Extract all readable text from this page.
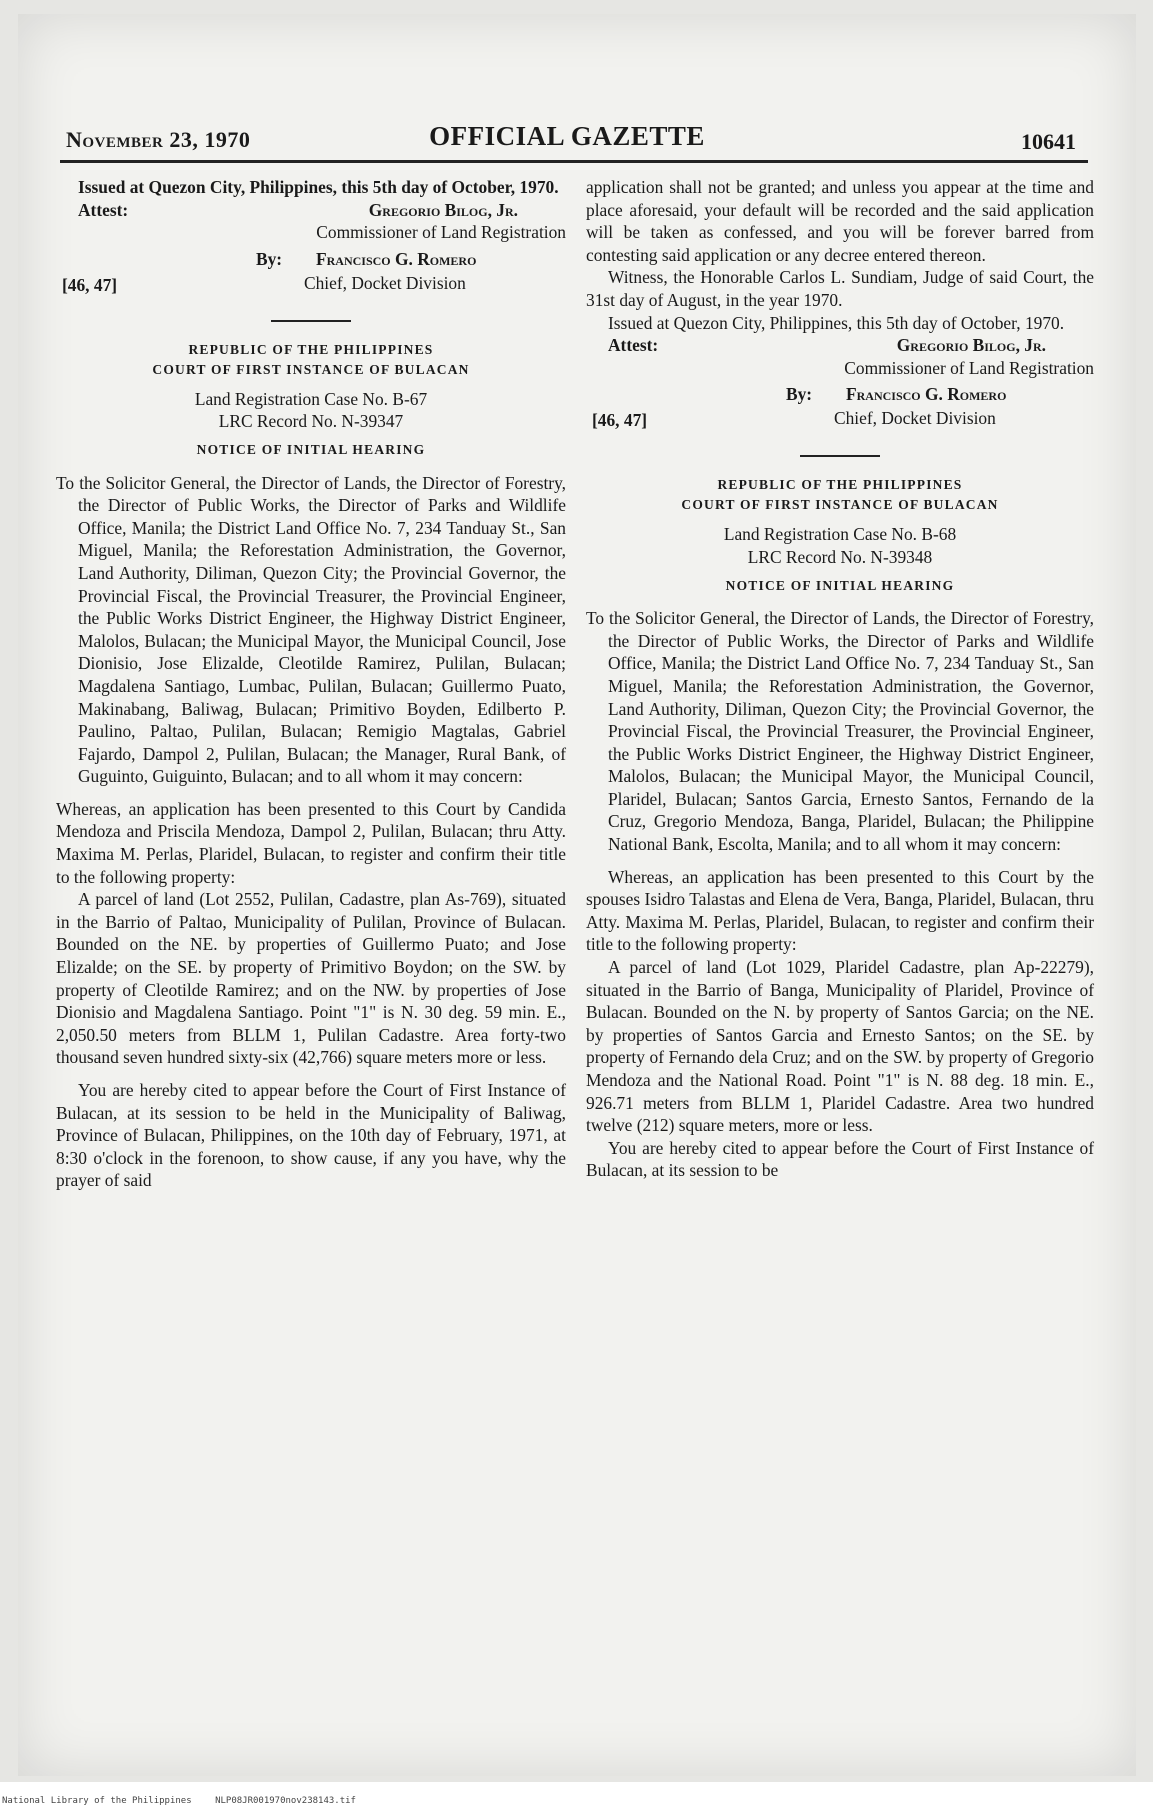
November 23, 1970	OFFICIAL GAZETTE	10641

Issued at Quezon City, Philippines, this 5th day of October, 1970.

Attest:	Gregorio Bilog, Jr.
Commissioner of Land Registration
By: Francisco G. Romero
[46, 47]	Chief, Docket Division
REPUBLIC OF THE PHILIPPINES
COURT OF FIRST INSTANCE OF BULACAN
Land Registration Case No. B-67
LRC Record No. N-39347
NOTICE OF INITIAL HEARING

To the Solicitor General, the Director of Lands, the Director of Forestry, the Director of Public Works, the Director of Parks and Wildlife Office, Manila; the District Land Office No. 7, 234 Tanduay St., San Miguel, Manila; the Reforestation Administration, the Governor, Land Authority, Diliman, Quezon City; the Provincial Governor, the Provincial Fiscal, the Provincial Treasurer, the Provincial Engineer, the Public Works District Engineer, the Highway District Engineer, Malolos, Bulacan; the Municipal Mayor, the Municipal Council, Jose Dionisio, Jose Elizalde, Cleotilde Ramirez, Pulilan, Bulacan; Magdalena Santiago, Lumbac, Pulilan, Bulacan; Guillermo Puato, Makinabang, Baliwag, Bulacan; Primitivo Boyden, Edilberto P. Paulino, Paltao, Pulilan, Bulacan; Remigio Magtalas, Gabriel Fajardo, Dampol 2, Pulilan, Bulacan; the Manager, Rural Bank, of Guguinto, Guiguinto, Bulacan; and to all whom it may concern:

Whereas, an application has been presented to this Court by Candida Mendoza and Priscila Mendoza, Dampol 2, Pulilan, Bulacan; thru Atty. Maxima M. Perlas, Plaridel, Bulacan, to register and confirm their title to the following property:

A parcel of land (Lot 2552, Pulilan, Cadastre, plan As-769), situated in the Barrio of Paltao, Municipality of Pulilan, Province of Bulacan. Bounded on the NE. by properties of Guillermo Puato; and Jose Elizalde; on the SE. by property of Primitivo Boydon; on the SW. by property of Cleotilde Ramirez; and on the NW. by properties of Jose Dionisio and Magdalena Santiago. Point "1" is N. 30 deg. 59 min. E., 2,050.50 meters from BLLM 1, Pulilan Cadastre. Area forty-two thousand seven hundred sixty-six (42,766) square meters more or less.

You are hereby cited to appear before the Court of First Instance of Bulacan, at its session to be held in the Municipality of Baliwag, Province of Bulacan, Philippines, on the 10th day of February, 1971, at 8:30 o'clock in the forenoon, to show cause, if any you have, why the prayer of said

application shall not be granted; and unless you appear at the time and place aforesaid, your default will be recorded and the said application will be taken as confessed, and you will be forever barred from contesting said application or any decree entered thereon.

Witness, the Honorable Carlos L. Sundiam, Judge of said Court, the 31st day of August, in the year 1970.

Issued at Quezon City, Philippines, this 5th day of October, 1970.

Attest:	Gregorio Bilog, Jr.
Commissioner of Land Registration
By: Francisco G. Romero
[46, 47]	Chief, Docket Division
REPUBLIC OF THE PHILIPPINES
COURT OF FIRST INSTANCE OF BULACAN
Land Registration Case No. B-68
LRC Record No. N-39348
NOTICE OF INITIAL HEARING

To the Solicitor General, the Director of Lands, the Director of Forestry, the Director of Public Works, the Director of Parks and Wildlife Office, Manila; the District Land Office No. 7, 234 Tanduay St., San Miguel, Manila; the Reforestation Administration, the Governor, Land Authority, Diliman, Quezon City; the Provincial Governor, the Provincial Fiscal, the Provincial Treasurer, the Provincial Engineer, the Public Works District Engineer, the Highway District Engineer, Malolos, Bulacan; the Municipal Mayor, the Municipal Council, Plaridel, Bulacan; Santos Garcia, Ernesto Santos, Fernando de la Cruz, Gregorio Mendoza, Banga, Plaridel, Bulacan; the Philippine National Bank, Escolta, Manila; and to all whom it may concern:

Whereas, an application has been presented to this Court by the spouses Isidro Talastas and Elena de Vera, Banga, Plaridel, Bulacan, thru Atty. Maxima M. Perlas, Plaridel, Bulacan, to register and confirm their title to the following property:

A parcel of land (Lot 1029, Plaridel Cadastre, plan Ap-22279), situated in the Barrio of Banga, Municipality of Plaridel, Province of Bulacan. Bounded on the N. by property of Santos Garcia; on the NE. by properties of Santos Garcia and Ernesto Santos; on the SE. by property of Fernando dela Cruz; and on the SW. by property of Gregorio Mendoza and the National Road. Point "1" is N. 88 deg. 18 min. E., 926.71 meters from BLLM 1, Plaridel Cadastre. Area two hundred twelve (212) square meters, more or less.

You are hereby cited to appear before the Court of First Instance of Bulacan, at its session to be

National Library of the Philippines	NLP08JR001970nov238143.tif
